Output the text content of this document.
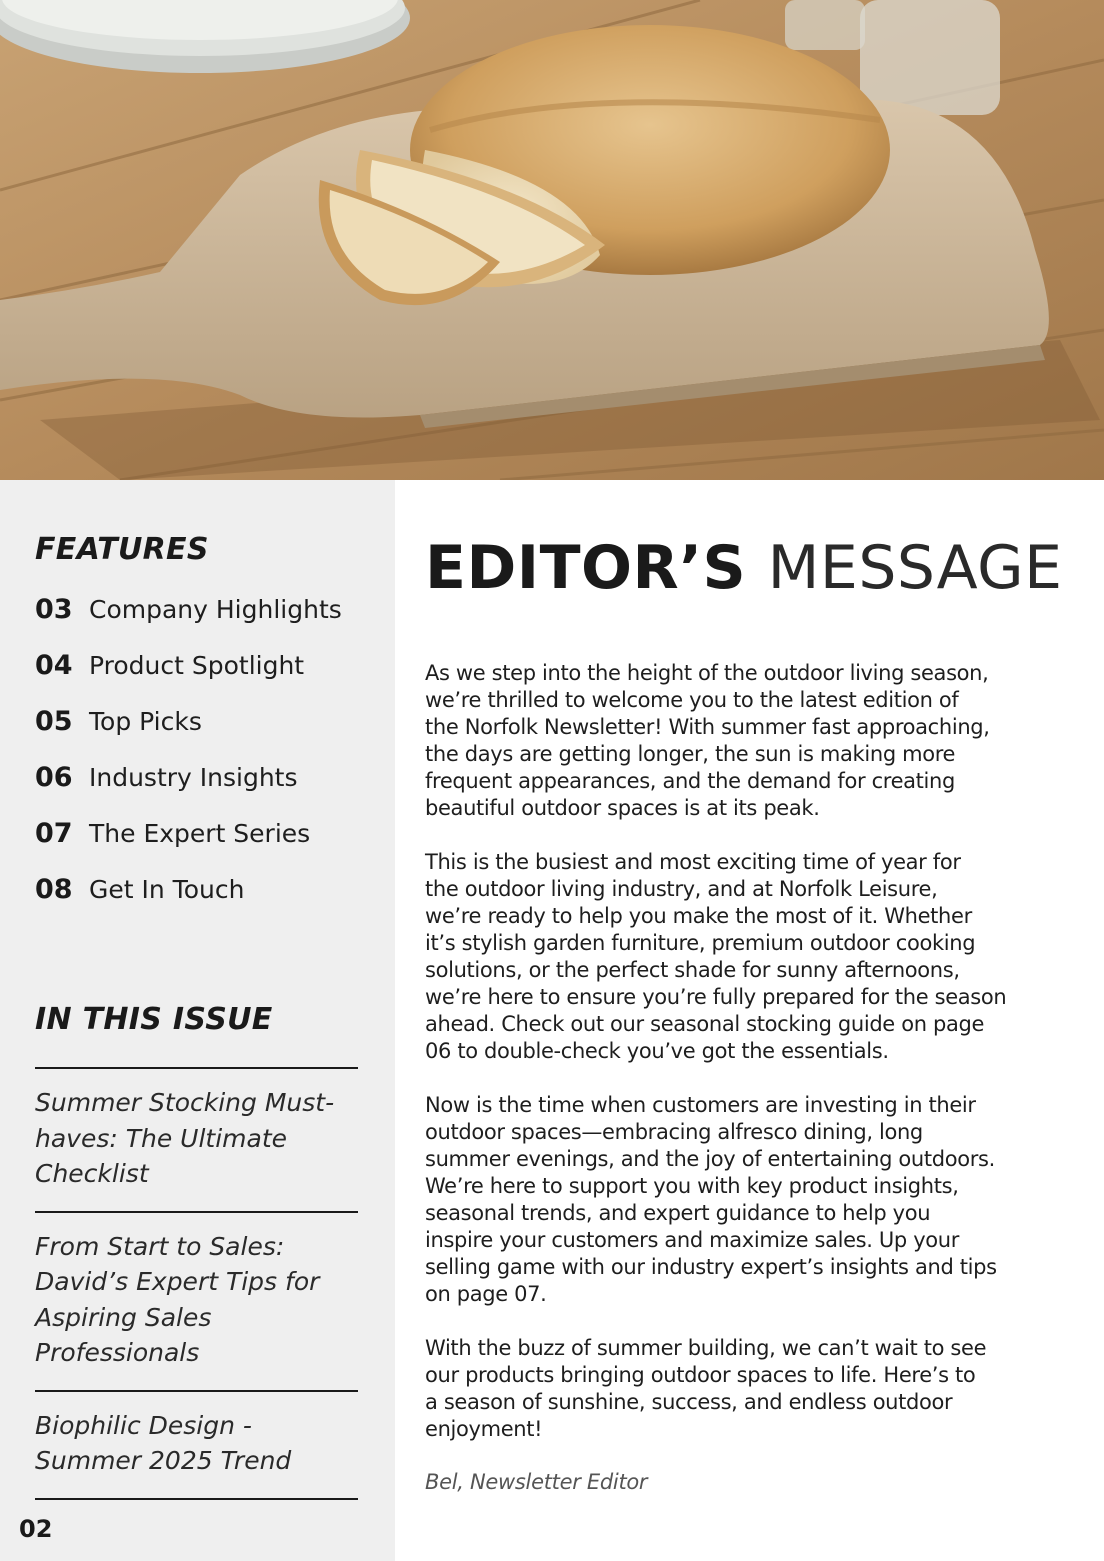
FEATURES
03 Company Highlights
04 Product Spotlight
05 Top Picks
06 Industry Insights
07 The Expert Series
08 Get In Touch
IN THIS ISSUE
Summer Stocking Must-haves: The Ultimate Checklist
From Start to Sales: David’s Expert Tips for Aspiring Sales Professionals
Biophilic Design - Summer 2025 Trend
02
EDITOR’S MESSAGE

As we step into the height of the outdoor living season,
we’re thrilled to welcome you to the latest edition of
the Norfolk Newsletter! With summer fast approaching,
the days are getting longer, the sun is making more
frequent appearances, and the demand for creating
beautiful outdoor spaces is at its peak.

This is the busiest and most exciting time of year for
the outdoor living industry, and at Norfolk Leisure,
we’re ready to help you make the most of it. Whether
it’s stylish garden furniture, premium outdoor cooking
solutions, or the perfect shade for sunny afternoons,
we’re here to ensure you’re fully prepared for the season
ahead. Check out our seasonal stocking guide on page
06 to double-check you’ve got the essentials.

Now is the time when customers are investing in their
outdoor spaces—embracing alfresco dining, long
summer evenings, and the joy of entertaining outdoors.
We’re here to support you with key product insights,
seasonal trends, and expert guidance to help you
inspire your customers and maximize sales. Up your
selling game with our industry expert’s insights and tips
on page 07.

With the buzz of summer building, we can’t wait to see
our products bringing outdoor spaces to life. Here’s to
a season of sunshine, success, and endless outdoor
enjoyment!

Bel, Newsletter Editor
